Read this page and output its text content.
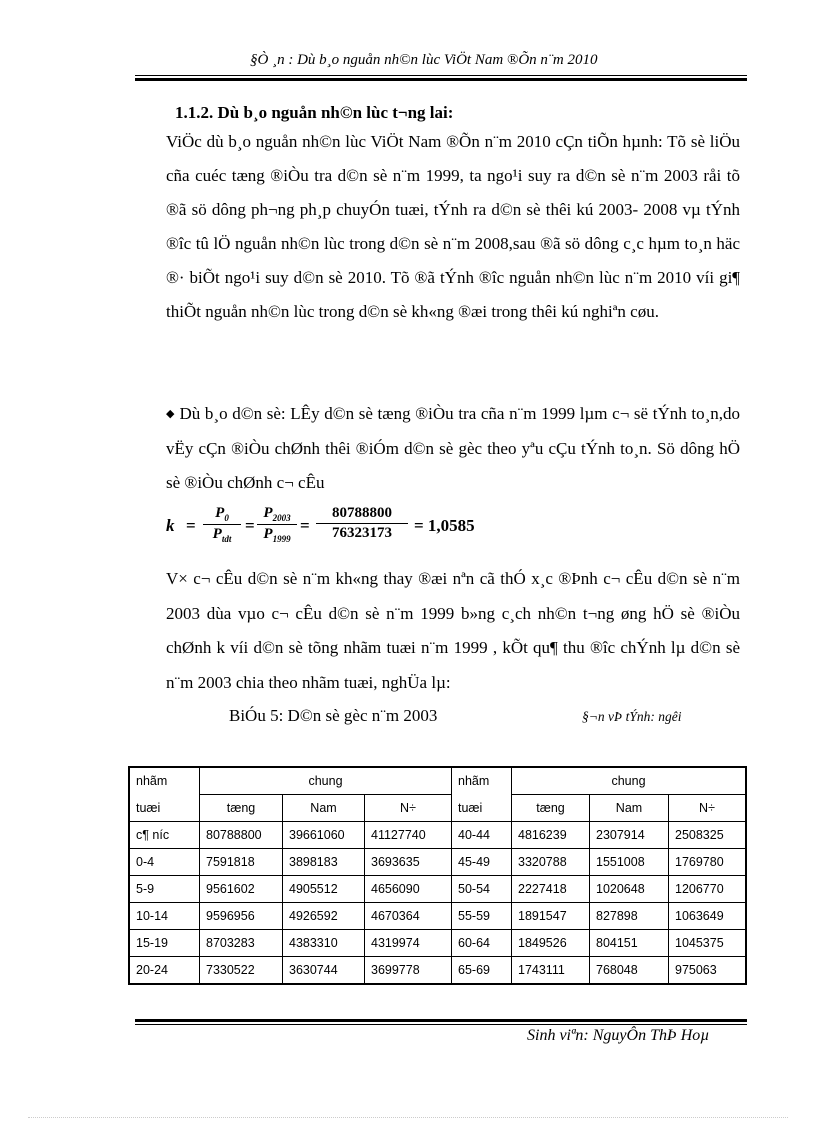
§Ò ¸n : Dù b¸o nguån nh©n lùc ViÖt Nam ®Õn n¨m 2010
1.1.2. Dù b¸o nguån nh©n lùc t¬ng lai:

ViÖc dù b¸o nguån nh©n lùc ViÖt Nam ®Õn n¨m 2010 cÇn tiÕn hµnh: Tõ sè liÖu cña cuéc tæng ®iÒu tra d©n sè n¨m 1999, ta ngo¹i suy ra d©n sè n¨m 2003 råi tõ ®ã sö dông ph¬ng ph¸p chuyÓn tuæi, tÝnh ra d©n sè thêi kú 2003- 2008 vµ tÝnh ®îc tû lÖ nguån nh©n lùc trong d©n sè n¨m 2008,sau ®ã sö dông c¸c hµm to¸n häc ®· biÕt ngo¹i suy d©n sè 2010. Tõ ®ã tÝnh ®îc nguån nh©n lùc n¨m 2010 víi gi¶ thiÕt nguån nh©n lùc trong d©n sè kh«ng ®æi trong thêi kú nghiªn cøu.

◆ Dù b¸o d©n sè: LÊy d©n sè tæng ®iÒu tra cña n¨m 1999 lµm c¬ së tÝnh to¸n,do vËy cÇn ®iÒu chØnh thêi ®iÓm d©n sè gèc theo yªu cÇu tÝnh to¸n. Sö dông hÖ sè ®iÒu chØnh c¬ cÊu

k =
$P_0$
$P_{tdt}$
= $\frac{P_{2003}}{P_{1999}} = \frac{80788800}{76323173} = 1,0585$

V× c¬ cÊu d©n sè n¨m kh«ng thay ®æi nªn cã thÓ x¸c ®Þnh c¬ cÊu d©n sè n¨m 2003 dùa vµo c¬ cÊu d©n sè n¨m 1999 b»ng c¸ch nh©n t¬ng øng hÖ sè ®iÒu chØnh k víi d©n sè tõng nhãm tuæi n¨m 1999 , kÕt qu¶ thu ®îc chÝnh lµ d©n sè n¨m 2003 chia theo nhãm tuæi, nghÜa lµ:

BiÓu 5: D©n sè gèc n¨m 2003	§¬n vÞ tÝnh: ngêi
nhãm	chung			nhãm	chung		
tuæi	tæng	Nam	N÷	tuæi	tæng	Nam	N÷
c¶ níc	80788800	39661060	41127740	40-44	4816239	2307914	2508325
0-4	7591818	3898183	3693635	45-49	3320788	1551008	1769780
5-9	9561602	4905512	4656090	50-54	2227418	1020648	1206770
10-14	9596956	4926592	4670364	55-59	1891547	827898	1063649
15-19	8703283	4383310	4319974	60-64	1849526	804151	1045375
20-24	7330522	3630744	3699778	65-69	1743111	768048	975063
Sinh viªn: NguyÔn ThÞ Hoµ
